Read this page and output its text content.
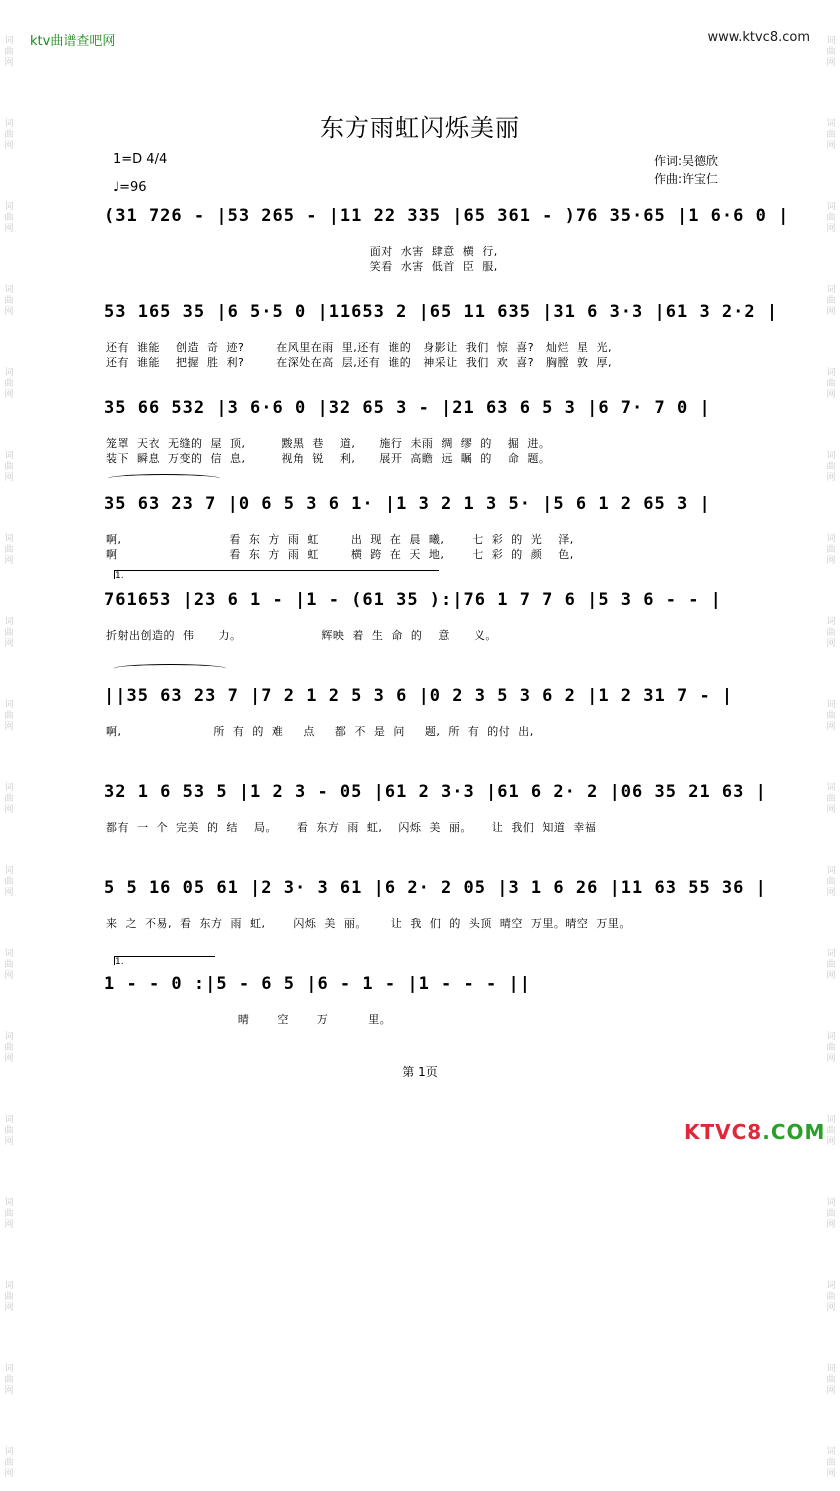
词
曲
网

词
曲
网

词
曲
网

词
曲
网

词
曲
网

词
曲
网

词
曲
网

词
曲
网

词
曲
网

词
曲
网

词
曲
网

词
曲
网

词
曲
网

词
曲
网

词
曲
网

词
曲
网

词
曲
网

词
曲
网

词
曲
网

词
曲
网

词
曲
网

词
曲
网

词
曲
网

词
曲
网

词
曲
网

词
曲
网

词
曲
网

词
曲
网

词
曲
网

词
曲
网

词
曲
网

词
曲
网

词
曲
网

词
曲
网

词
曲
网

词
曲
网

ktv曲谱查吧网	www.ktvc8.com
东方雨虹闪烁美丽
1=D 4/4
♩=96
作词:吴德欣
作曲:许宝仁
(31 726 - |53 265 - |11 22 335 |65 361 - )76 35·65 |1 6·6 0 |
面对  水害  肆意  横  行,
笑看  水害  低首  臣  服,
53 165 35 |6 5·5 0 |11653 2 |65 11 635 |31 6 3·3 |61 3 2·2 |
还有  谁能    创造  奇  迹?        在风里在雨  里,还有  谁的   身影让  我们  惊  喜?   灿烂  星  光,
还有  谁能    把握  胜  利?        在深处在高  层,还有  谁的   神采让  我们  欢  喜?   胸膛  敦  厚,
35 66 532 |3 6·6 0 |32 65 3 - |21 63 6 5 3 |6 7· 7 0 |
笼罩  天衣  无缝的  屋  顶,         黢黑  巷    道,      施行  未雨  绸  缪  的    掘  进。
装下  瞬息  万变的  信  息,         视角  锐    利,      展开  高瞻  远  瞩  的    命  题。
35 63 23 7 |0 6 5 3 6 1· |1 3 2 1 3 5· |5 6 1 2 65 3 |
啊,                           看  东  方  雨  虹        出  现  在  晨  曦,       七  彩  的  光    泽,
啊                            看  东  方  雨  虹        横  跨  在  天  地,       七  彩  的  颜    色,
1.
761653 |23 6 1 - |1 - (61 35 ):|76 1 7 7 6 |5 3 6 - - |
折射出创造的  伟      力。                    辉映  着  生  命  的    意      义。
||35 63 23 7 |7 2 1 2 5 3 6 |0 2 3 5 3 6 2 |1 2 31 7 - |
啊,                       所  有  的  难     点     都  不  是  问     题,  所  有  的付  出,
32 1 6 53 5 |1 2 3 - 05 |61 2 3·3 |61 6 2· 2 |06 35 21 63 |
都有  一  个  完美  的  结    局。     看  东方  雨  虹,    闪烁  美  丽。     让  我们  知道  幸福
5 5 16 05 61 |2 3· 3 61 |6 2· 2 05 |3 1 6 26 |11 63 55 36 |
来  之  不易,  看  东方  雨  虹,       闪烁  美  丽。      让  我  们  的  头顶  晴空  万里。晴空  万里。
1.
1 - - 0 :|5 - 6 5 |6 - 1 - |1 - - - ||
晴       空       万          里。
第 1页
KTVC8.COM
